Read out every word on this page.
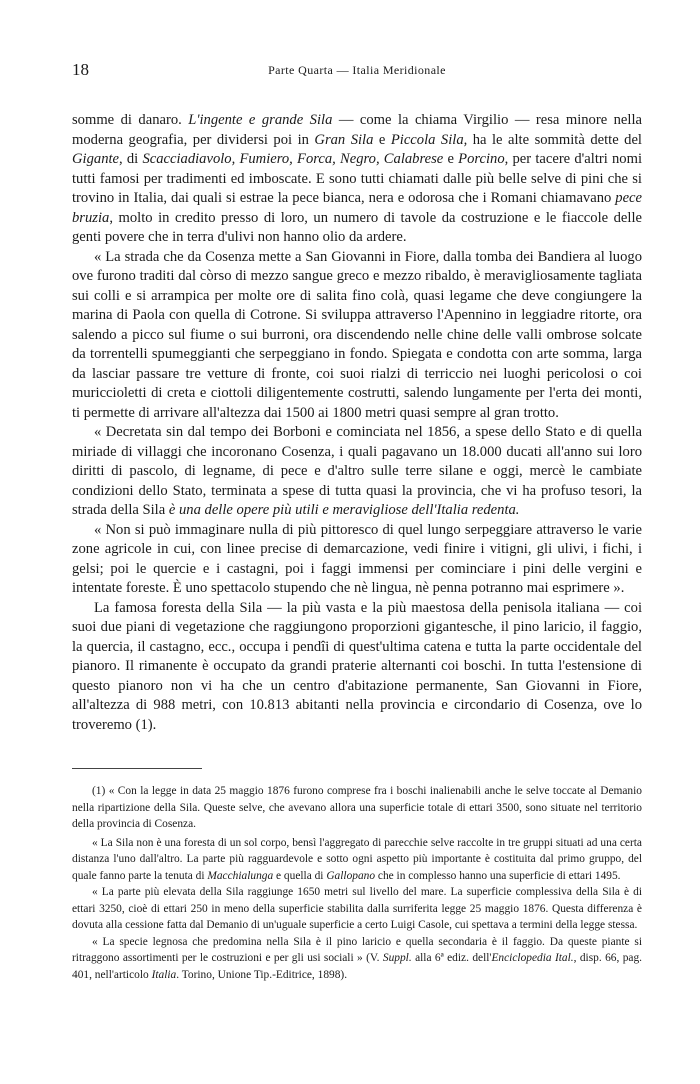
18	Parte Quarta — Italia Meridionale

somme di danaro. L'ingente e grande Sila — come la chiama Virgilio — resa minore nella moderna geografia, per dividersi poi in Gran Sila e Piccola Sila, ha le alte sommità dette del Gigante, di Scacciadiavolo, Fumiero, Forca, Negro, Calabrese e Porcino, per tacere d'altri nomi tutti famosi per tradimenti ed imboscate. E sono tutti chiamati dalle più belle selve di pini che si trovino in Italia, dai quali si estrae la pece bianca, nera e odorosa che i Romani chiamavano pece bruzia, molto in credito presso di loro, un numero di tavole da costruzione e le fiaccole delle genti povere che in terra d'ulivi non hanno olio da ardere.

« La strada che da Cosenza mette a San Giovanni in Fiore, dalla tomba dei Bandiera al luogo ove furono traditi dal còrso di mezzo sangue greco e mezzo ribaldo, è meravigliosamente tagliata sui colli e si arrampica per molte ore di salita fino colà, quasi legame che deve congiungere la marina di Paola con quella di Cotrone. Si sviluppa attraverso l'Apennino in leggiadre ritorte, ora salendo a picco sul fiume o sui burroni, ora discendendo nelle chine delle valli ombrose solcate da torrentelli spumeggianti che serpeggiano in fondo. Spiegata e condotta con arte somma, larga da lasciar passare tre vetture di fronte, coi suoi rialzi di terriccio nei luoghi pericolosi o coi muriccioletti di creta e ciottoli diligentemente costrutti, salendo lungamente per l'erta dei monti, ti permette di arrivare all'altezza dai 1500 ai 1800 metri quasi sempre al gran trotto.

« Decretata sin dal tempo dei Borboni e cominciata nel 1856, a spese dello Stato e di quella miriade di villaggi che incoronano Cosenza, i quali pagavano un 18.000 ducati all'anno sui loro diritti di pascolo, di legname, di pece e d'altro sulle terre silane e oggi, mercè le cambiate condizioni dello Stato, terminata a spese di tutta quasi la provincia, che vi ha profuso tesori, la strada della Sila è una delle opere più utili e meravigliose dell'Italia redenta.

« Non si può immaginare nulla di più pittoresco di quel lungo serpeggiare attraverso le varie zone agricole in cui, con linee precise di demarcazione, vedi finire i vitigni, gli ulivi, i fichi, i gelsi; poi le quercie e i castagni, poi i faggi immensi per cominciare i pini delle vergini e intentate foreste. È uno spettacolo stupendo che nè lingua, nè penna potranno mai esprimere ».

La famosa foresta della Sila — la più vasta e la più maestosa della penisola italiana — coi suoi due piani di vegetazione che raggiungono proporzioni gigantesche, il pino laricio, il faggio, la quercia, il castagno, ecc., occupa i pendîi di quest'ultima catena e tutta la parte occidentale del pianoro. Il rimanente è occupato da grandi praterie alternanti coi boschi. In tutta l'estensione di questo pianoro non vi ha che un centro d'abitazione permanente, San Giovanni in Fiore, all'altezza di 988 metri, con 10.813 abitanti nella provincia e circondario di Cosenza, ove lo troveremo (1).

(1) « Con la legge in data 25 maggio 1876 furono comprese fra i boschi inalienabili anche le selve toccate al Demanio nella ripartizione della Sila. Queste selve, che avevano allora una superficie totale di ettari 3500, sono situate nel territorio della provincia di Cosenza.

« La Sila non è una foresta di un sol corpo, bensì l'aggregato di parecchie selve raccolte in tre gruppi situati ad una certa distanza l'uno dall'altro. La parte più ragguardevole e sotto ogni aspetto più importante è costituita dal primo gruppo, del quale fanno parte la tenuta di Macchialunga e quella di Gallopano che in complesso hanno una superficie di ettari 1495.

« La parte più elevata della Sila raggiunge 1650 metri sul livello del mare. La superficie complessiva della Sila è di ettari 3250, cioè di ettari 250 in meno della superficie stabilita dalla surriferita legge 25 maggio 1876. Questa differenza è dovuta alla cessione fatta dal Demanio di un'uguale superficie a certo Luigi Casole, cui spettava a termini della legge stessa.

« La specie legnosa che predomina nella Sila è il pino laricio e quella secondaria è il faggio. Da queste piante si ritraggono assortimenti per le costruzioni e per gli usi sociali » (V. Suppl. alla 6ª ediz. dell'Enciclopedia Ital., disp. 66, pag. 401, nell'articolo Italia. Torino, Unione Tip.-Editrice, 1898).
